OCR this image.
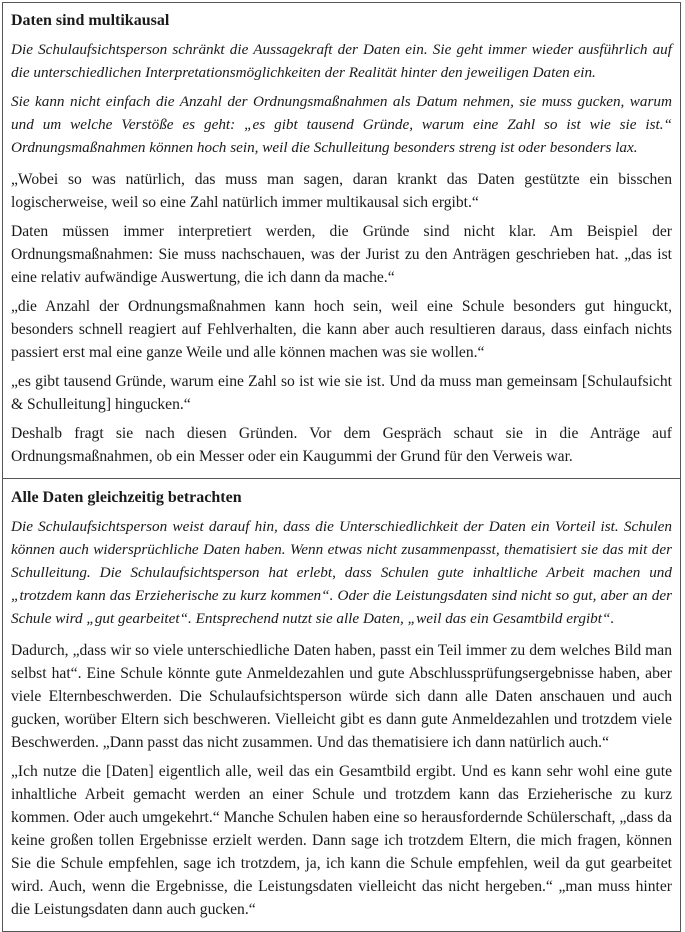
Daten sind multikausal

Die Schulaufsichtsperson schränkt die Aussagekraft der Daten ein. Sie geht immer wieder ausführlich auf die unterschiedlichen Interpretationsmöglichkeiten der Realität hinter den jeweiligen Daten ein.

Sie kann nicht einfach die Anzahl der Ordnungsmaßnahmen als Datum nehmen, sie muss gucken, warum und um welche Verstöße es geht: „es gibt tausend Gründe, warum eine Zahl so ist wie sie ist.“ Ordnungsmaßnahmen können hoch sein, weil die Schulleitung besonders streng ist oder besonders lax.

„Wobei so was natürlich, das muss man sagen, daran krankt das Daten gestützte ein bisschen logischerweise, weil so eine Zahl natürlich immer multikausal sich ergibt.“

Daten müssen immer interpretiert werden, die Gründe sind nicht klar. Am Beispiel der Ordnungsmaßnahmen: Sie muss nachschauen, was der Jurist zu den Anträgen geschrieben hat. „das ist eine relativ aufwändige Auswertung, die ich dann da mache.“

„die Anzahl der Ordnungsmaßnahmen kann hoch sein, weil eine Schule besonders gut hinguckt, besonders schnell reagiert auf Fehlverhalten, die kann aber auch resultieren daraus, dass einfach nichts passiert erst mal eine ganze Weile und alle können machen was sie wollen.“

„es gibt tausend Gründe, warum eine Zahl so ist wie sie ist. Und da muss man gemeinsam [Schulaufsicht & Schulleitung] hingucken.“

Deshalb fragt sie nach diesen Gründen. Vor dem Gespräch schaut sie in die Anträge auf Ordnungsmaßnahmen, ob ein Messer oder ein Kaugummi der Grund für den Verweis war.

Alle Daten gleichzeitig betrachten

Die Schulaufsichtsperson weist darauf hin, dass die Unterschiedlichkeit der Daten ein Vorteil ist. Schulen können auch widersprüchliche Daten haben. Wenn etwas nicht zusammenpasst, thematisiert sie das mit der Schulleitung. Die Schulaufsichtsperson hat erlebt, dass Schulen gute inhaltliche Arbeit machen und „trotzdem kann das Erzieherische zu kurz kommen“. Oder die Leistungsdaten sind nicht so gut, aber an der Schule wird „gut gearbeitet“. Entsprechend nutzt sie alle Daten, „weil das ein Gesamtbild ergibt“.

Dadurch, „dass wir so viele unterschiedliche Daten haben, passt ein Teil immer zu dem welches Bild man selbst hat“. Eine Schule könnte gute Anmeldezahlen und gute Abschlussprüfungsergebnisse haben, aber viele Elternbeschwerden. Die Schulaufsichtsperson würde sich dann alle Daten anschauen und auch gucken, worüber Eltern sich beschweren. Vielleicht gibt es dann gute Anmeldezahlen und trotzdem viele Beschwerden. „Dann passt das nicht zusammen. Und das thematisiere ich dann natürlich auch.“

„Ich nutze die [Daten] eigentlich alle, weil das ein Gesamtbild ergibt. Und es kann sehr wohl eine gute inhaltliche Arbeit gemacht werden an einer Schule und trotzdem kann das Erzieherische zu kurz kommen. Oder auch umgekehrt.“ Manche Schulen haben eine so herausfordernde Schülerschaft, „dass da keine großen tollen Ergebnisse erzielt werden. Dann sage ich trotzdem Eltern, die mich fragen, können Sie die Schule empfehlen, sage ich trotzdem, ja, ich kann die Schule empfehlen, weil da gut gearbeitet wird. Auch, wenn die Ergebnisse, die Leistungsdaten vielleicht das nicht hergeben.“ „man muss hinter die Leistungsdaten dann auch gucken.“
